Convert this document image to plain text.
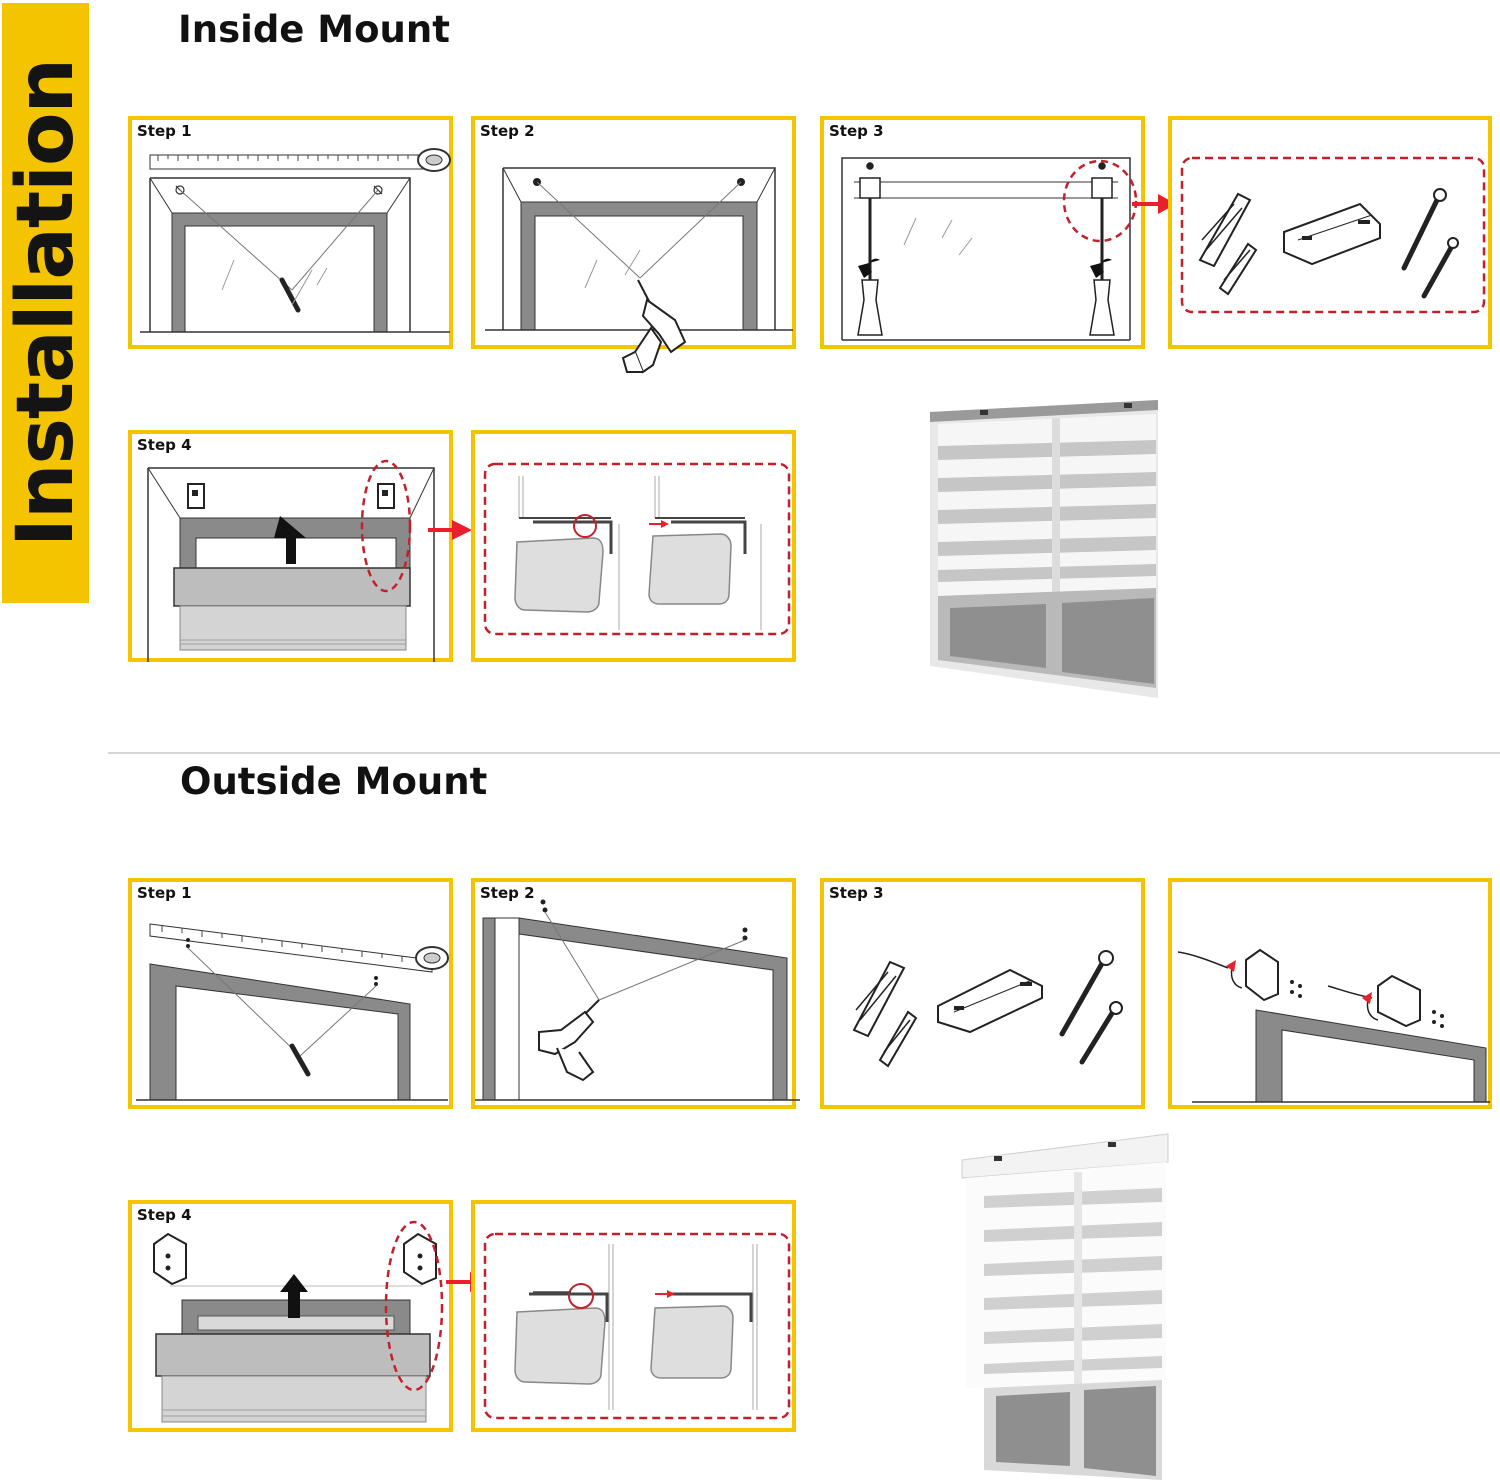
Installation
Inside Mount
Step 1	Step 2	Step 3
Step 4
Outside Mount
Step 1	Step 2	Step 3
Step 4
